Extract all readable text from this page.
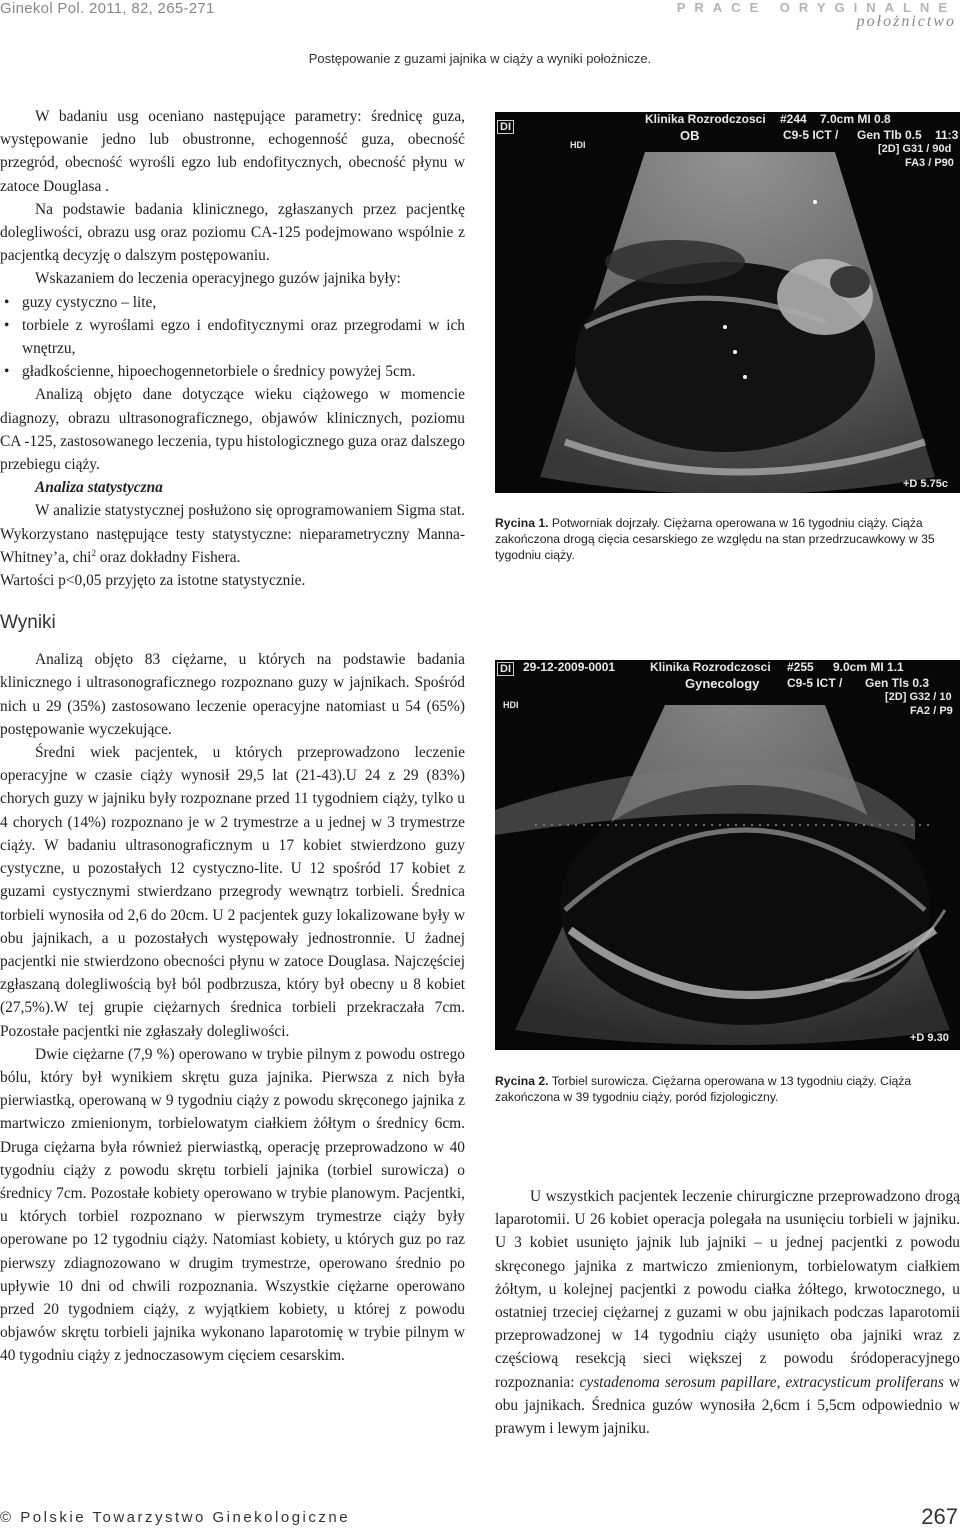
Ginekol Pol. 2011, 82, 265-271	PRACE ORYGINALNE
położnictwo
Postępowanie z guzami jajnika w ciąży a wyniki położnicze.

W badaniu usg oceniano następujące parametry: średnicę guza, występowanie jedno lub obustronne, echogenność guza, obecność przegród, obecność wyrośli egzo lub endofitycznych, obecność płynu w zatoce Douglasa .

Na podstawie badania klinicznego, zgłaszanych przez pacjentkę dolegliwości, obrazu usg oraz poziomu CA-125 podejmowano wspólnie z pacjentką decyzję o dalszym postępowaniu.

Wskazaniem do leczenia operacyjnego guzów jajnika były:

• guzy cystyczno – lite,
• torbiele z wyroślami egzo i endofitycznymi oraz przegrodami w ich wnętrzu,
• gładkościenne, hipoechogennetorbiele o średnicy powyżej 5cm.

Analizą objęto dane dotyczące wieku ciążowego w momencie diagnozy, obrazu ultrasonograficznego, objawów klinicznych, poziomu CA -125, zastosowanego leczenia, typu histologicznego guza oraz dalszego przebiegu ciąży.

Analiza statystyczna

W analizie statystycznej posłużono się oprogramowaniem Sigma stat. Wykorzystano następujące testy statystyczne: nieparametryczny Manna-Whitney’a, chi$^2$ oraz dokładny Fishera.

Wartości p<0,05 przyjęto za istotne statystycznie.

Wyniki

Analizą objęto 83 ciężarne, u których na podstawie badania klinicznego i ultrasonograficznego rozpoznano guzy w jajnikach. Spośród nich u 29 (35%) zastosowano leczenie operacyjne natomiast u 54 (65%) postępowanie wyczekujące.

Średni wiek pacjentek, u których przeprowadzono leczenie operacyjne w czasie ciąży wynosił 29,5 lat (21-43).U 24 z 29 (83%) chorych guzy w jajniku były rozpoznane przed 11 tygodniem ciąży, tylko u 4 chorych (14%) rozpoznano je w 2 trymestrze a u jednej w 3 trymestrze ciąży. W badaniu ultrasonograficznym u 17 kobiet stwierdzono guzy cystyczne, u pozostałych 12 cystyczno-lite. U 12 spośród 17 kobiet z guzami cystycznymi stwierdzano przegrody wewnątrz torbieli. Średnica torbieli wynosiła od 2,6 do 20cm. U 2 pacjentek guzy lokalizowane były w obu jajnikach, a u pozostałych występowały jednostronnie. U żadnej pacjentki nie stwierdzono obecności płynu w zatoce Douglasa. Najczęściej zgłaszaną dolegliwością był ból podbrzusza, który był obecny u 8 kobiet (27,5%).W tej grupie ciężarnych średnica torbieli przekraczała 7cm. Pozostałe pacjentki nie zgłaszały dolegliwości.

Dwie ciężarne (7,9 %) operowano w trybie pilnym z powodu ostrego bólu, który był wynikiem skrętu guza jajnika. Pierwsza z nich była pierwiastką, operowaną w 9 tygodniu ciąży z powodu skręconego jajnika z martwiczo zmienionym, torbielowatym ciałkiem żółtym o średnicy 6cm. Druga ciężarna była również pierwiastką, operację przeprowadzono w 40 tygodniu ciąży z powodu skrętu torbieli jajnika (torbiel surowicza) o średnicy 7cm. Pozostałe kobiety operowano w trybie planowym. Pacjentki, u których torbiel rozpoznano w pierwszym trymestrze ciąży były operowane po 12 tygodniu ciąży. Natomiast kobiety, u których guz po raz pierwszy zdiagnozowano w drugim trymestrze, operowano średnio po upływie 10 dni od chwili rozpoznania. Wszystkie ciężarne operowano przed 20 tygodniem ciąży, z wyjątkiem kobiety, u której z powodu objawów skrętu torbieli jajnika wykonano laparotomię w trybie pilnym w 40 tygodniu ciąży z jednoczasowym cięciem cesarskim.

Klinika Rozrodczosci #244 7.0cm MI 0.8
OB	C9-5 ICT / Gen Tlb 0.5 11:3
[2D] G31 / 90d
FA3 / P90
DI
HDI
+D 5.75c
Rycina 1. Potworniak dojrzały. Ciężarna operowana w 16 tygodniu ciąży. Ciąża zakończona drogą cięcia cesarskiego ze względu na stan przedrzucawkowy w 35 tygodniu ciąży.
DI 29-12-2009-0001	Klinika Rozrodczosci #255 9.0cm MI 1.1
Gynecology C9-5 ICT / Gen Tls 0.3
[2D] G32 / 10
FA2 / P9
HDI
+D 9.30
Rycina 2. Torbiel surowicza. Ciężarna operowana w 13 tygodniu ciąży. Ciąża zakończona w 39 tygodniu ciąży, poród fizjologiczny.

U wszystkich pacjentek leczenie chirurgiczne przeprowadzono drogą laparotomii. U 26 kobiet operacja polegała na usunięciu torbieli w jajniku. U 3 kobiet usunięto jajnik lub jajniki – u jednej pacjentki z powodu skręconego jajnika z martwiczo zmienionym, torbielowatym ciałkiem żółtym, u kolejnej pacjentki z powodu ciałka żółtego, krwotocznego, u ostatniej trzeciej ciężarnej z guzami w obu jajnikach podczas laparotomii przeprowadzonej w 14 tygodniu ciąży usunięto oba jajniki wraz z częściową resekcją sieci większej z powodu śródoperacyjnego rozpoznania: cystadenoma serosum papillare, extracysticum proliferans w obu jajnikach. Średnica guzów wynosiła 2,6cm i 5,5cm odpowiednio w prawym i lewym jajniku.

© Polskie Towarzystwo Ginekologiczne	267
